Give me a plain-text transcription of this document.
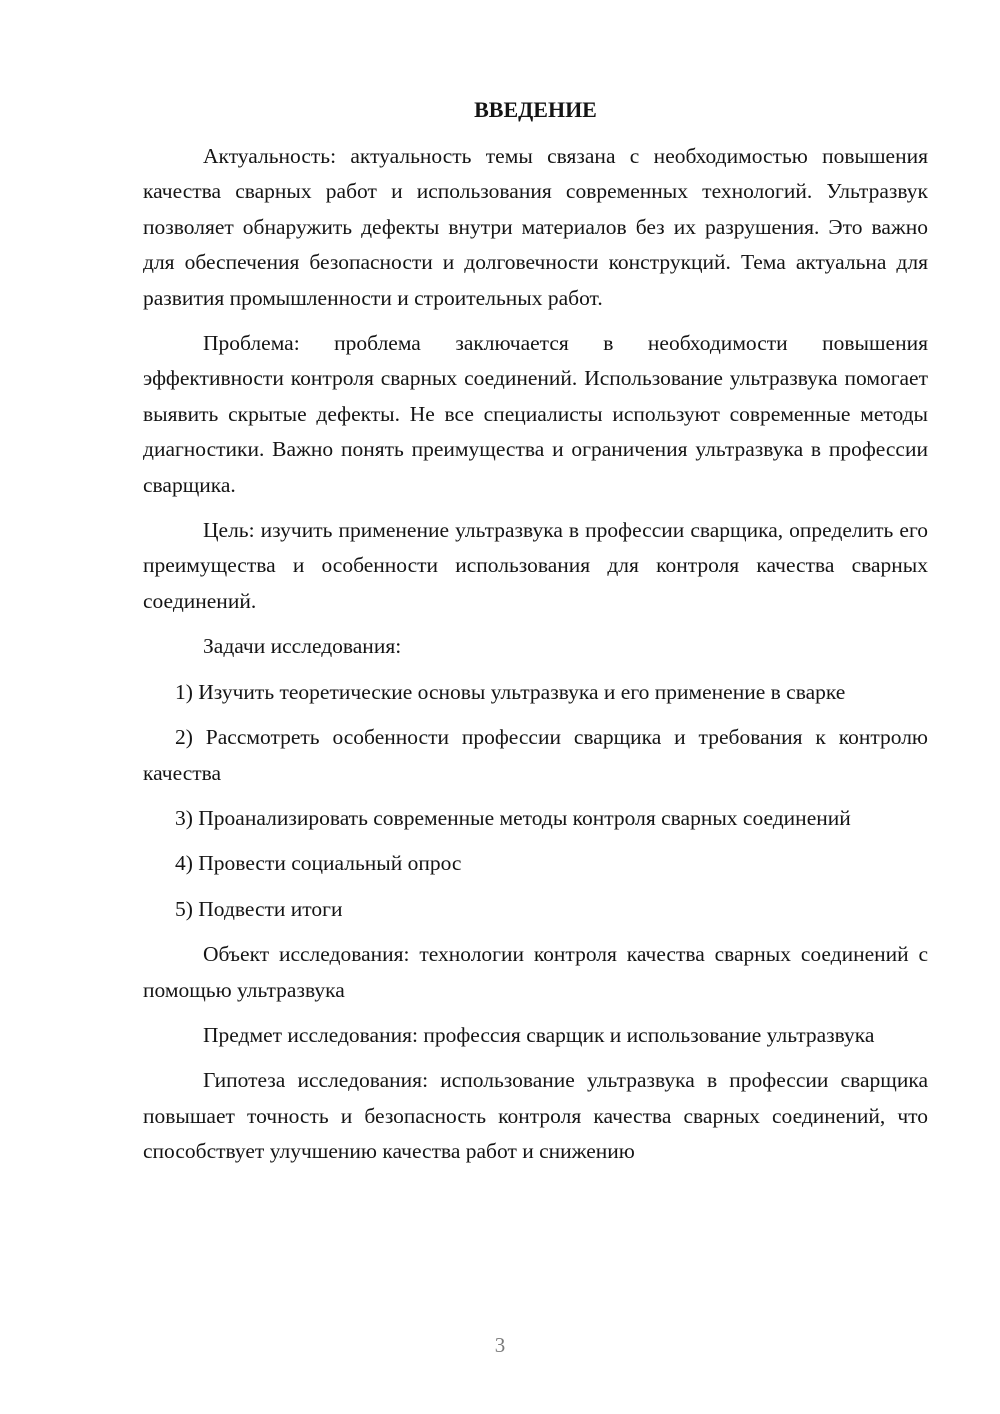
ВВЕДЕНИЕ

Актуальность: актуальность темы связана с необходимостью повышения качества сварных работ и использования современных технологий. Ультразвук позволяет обнаружить дефекты внутри материалов без их разрушения. Это важно для обеспечения безопасности и долговечности конструкций. Тема актуальна для развития промышленности и строительных работ.

Проблема: проблема заключается в необходимости повышения эффективности контроля сварных соединений. Использование ультразвука помогает выявить скрытые дефекты. Не все специалисты используют современные методы диагностики. Важно понять преимущества и ограничения ультразвука в профессии сварщика.

Цель: изучить применение ультразвука в профессии сварщика, определить его преимущества и особенности использования для контроля качества сварных соединений.

Задачи исследования:

1) Изучить теоретические основы ультразвука и его применение в сварке

2) Рассмотреть особенности профессии сварщика и требования к контролю качества

3) Проанализировать современные методы контроля сварных соединений

4) Провести социальный опрос

5) Подвести итоги

Объект исследования: технологии контроля качества сварных соединений с помощью ультразвука

Предмет исследования: профессия сварщик и использование ультразвука

Гипотеза исследования: использование ультразвука в профессии сварщика повышает точность и безопасность контроля качества сварных соединений, что способствует улучшению качества работ и снижению

3
